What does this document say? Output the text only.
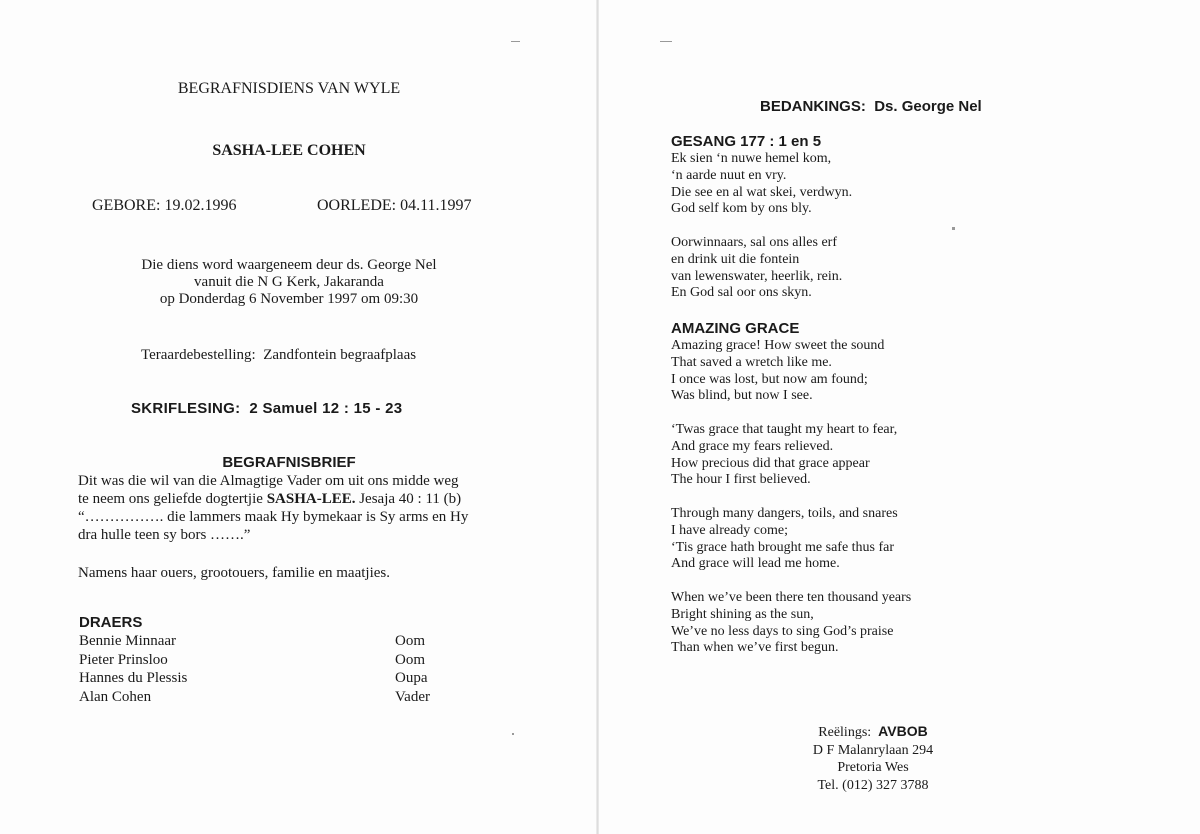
BEGRAFNISDIENS VAN WYLE
SASHA-LEE COHEN
GEBORE: 19.02.1996	OORLEDE: 04.11.1997
Die diens word waargeneem deur ds. George Nel
vanuit die N G Kerk, Jakaranda
op Donderdag 6 November 1997 om 09:30
Teraardebestelling: Zandfontein begraafplaas
SKRIFLESING: 2 Samuel 12 : 15 - 23
BEGRAFNISBRIEF
Dit was die wil van die Almagtige Vader om uit ons midde weg
te neem ons geliefde dogtertjie SASHA-LEE. Jesaja 40 : 11 (b)
“……………. die lammers maak Hy bymekaar is Sy arms en Hy
dra hulle teen sy bors …….”
Namens haar ouers, grootouers, familie en maatjies.
DRAERS
Bennie Minnaar	Oom
Pieter Prinsloo	Oom
Hannes du Plessis	Oupa
Alan Cohen	Vader
BEDANKINGS: Ds. George Nel
GESANG 177 : 1 en 5
Ek sien ‘n nuwe hemel kom,
‘n aarde nuut en vry.
Die see en al wat skei, verdwyn.
God self kom by ons bly.
Oorwinnaars, sal ons alles erf
en drink uit die fontein
van lewenswater, heerlik, rein.
En God sal oor ons skyn.
AMAZING GRACE
Amazing grace! How sweet the sound
That saved a wretch like me.
I once was lost, but now am found;
Was blind, but now I see.
‘Twas grace that taught my heart to fear,
And grace my fears relieved.
How precious did that grace appear
The hour I first believed.
Through many dangers, toils, and snares
I have already come;
‘Tis grace hath brought me safe thus far
And grace will lead me home.
When we’ve been there ten thousand years
Bright shining as the sun,
We’ve no less days to sing God’s praise
Than when we’ve first begun.
Reëlings: AVBOB
D F Malanrylaan 294
Pretoria Wes
Tel. (012) 327 3788
